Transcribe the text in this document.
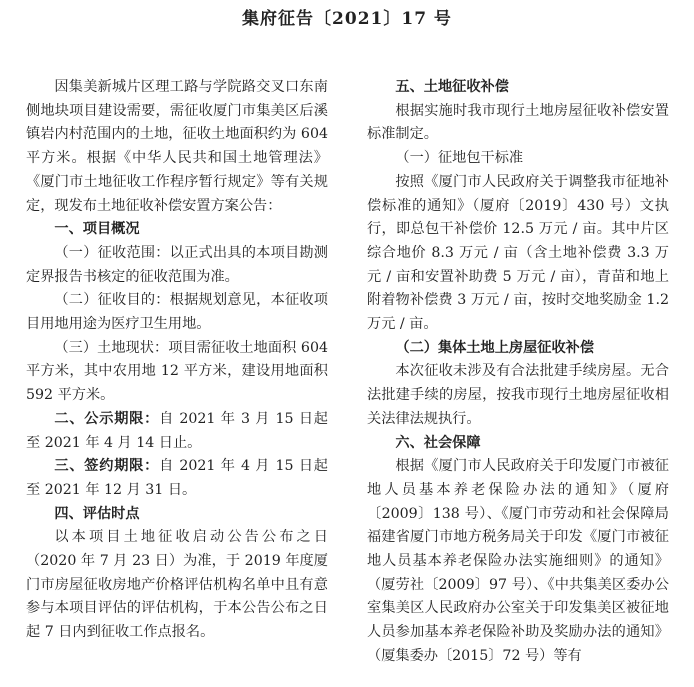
集府征告〔2021〕17 号

因集美新城片区理工路与学院路交叉口东南侧地块项目建设需要，需征收厦门市集美区后溪镇岩内村范围内的土地，征收土地面积约为 604 平方米。根据《中华人民共和国土地管理法》《厦门市土地征收工作程序暂行规定》等有关规定，现发布土地征收补偿安置方案公告：

一、项目概况

（一）征收范围：以正式出具的本项目勘测定界报告书核定的征收范围为准。

（二）征收目的：根据规划意见，本征收项目用地用途为医疗卫生用地。

（三）土地现状：项目需征收土地面积 604 平方米，其中农用地 12 平方米，建设用地面积 592 平方米。

二、公示期限：自 2021 年 3 月 15 日起至 2021 年 4 月 14 日止。

三、签约期限：自 2021 年 4 月 15 日起至 2021 年 12 月 31 日。

四、评估时点

以本项目土地征收启动公告公布之日（2020 年 7 月 23 日）为准，于 2019 年度厦门市房屋征收房地产价格评估机构名单中且有意参与本项目评估的评估机构，于本公告公布之日起 7 日内到征收工作点报名。

五、土地征收补偿

根据实施时我市现行土地房屋征收补偿安置标准制定。

（一）征地包干标准

按照《厦门市人民政府关于调整我市征地补偿标准的通知》（厦府〔2019〕430 号）文执行，即总包干补偿价 12.5 万元 / 亩。其中片区综合地价 8.3 万元 / 亩（含土地补偿费 3.3 万元 / 亩和安置补助费 5 万元 / 亩），青苗和地上附着物补偿费 3 万元 / 亩，按时交地奖励金 1.2 万元 / 亩。

（二）集体土地上房屋征收补偿

本次征收未涉及有合法批建手续房屋。无合法批建手续的房屋，按我市现行土地房屋征收相关法律法规执行。

六、社会保障

根据《厦门市人民政府关于印发厦门市被征地人员基本养老保险办法的通知》（厦府〔2009〕138 号）、《厦门市劳动和社会保障局福建省厦门市地方税务局关于印发《厦门市被征地人员基本养老保险办法实施细则》的通知》（厦劳社〔2009〕97 号）、《中共集美区委办公室集美区人民政府办公室关于印发集美区被征地人员参加基本养老保险补助及奖励办法的通知》（厦集委办〔2015〕72 号）等有
